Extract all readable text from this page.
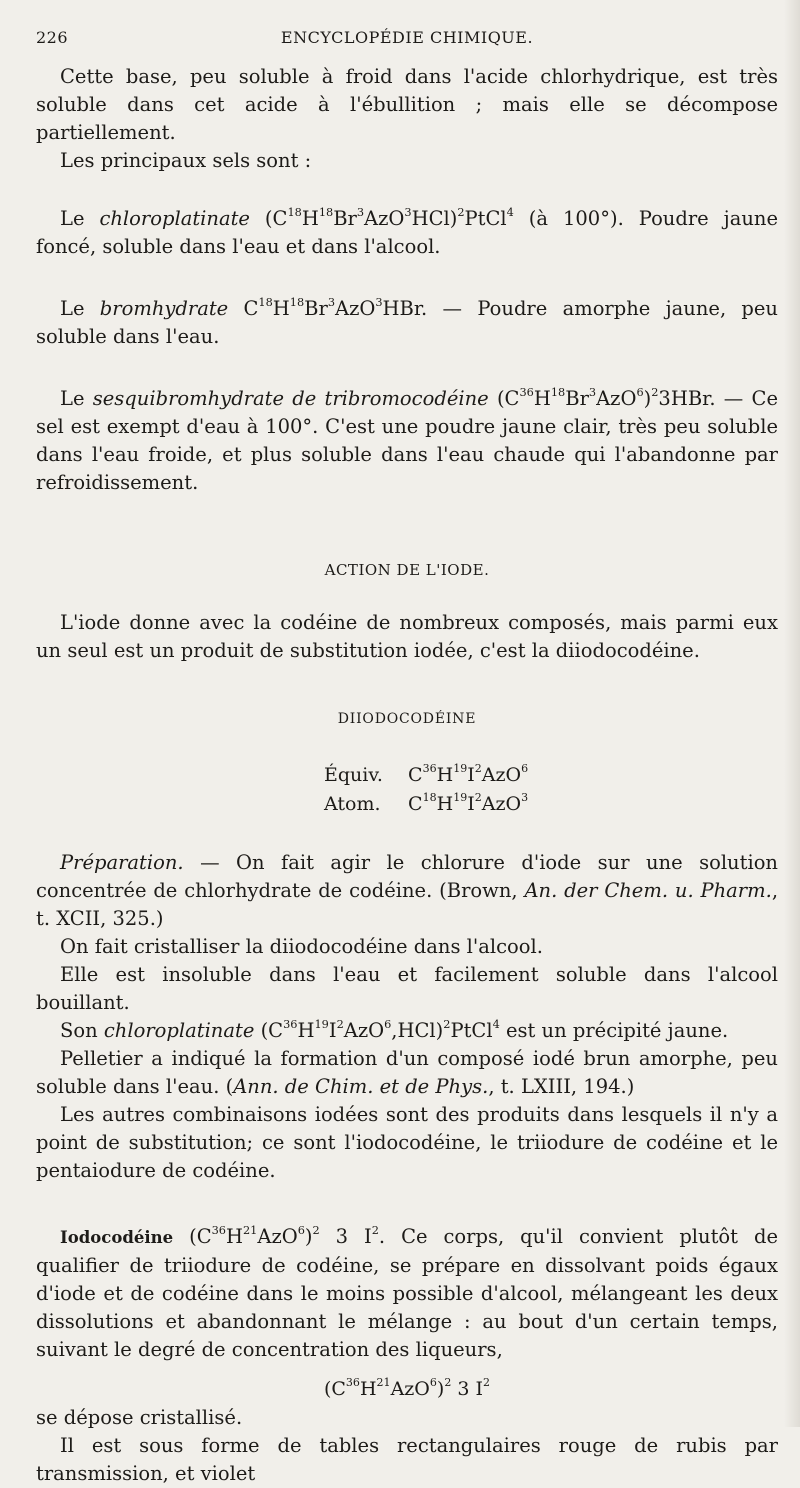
226	ENCYCLOPÉDIE CHIMIQUE.

Cette base, peu soluble à froid dans l'acide chlorhydrique, est très soluble dans cet acide à l'ébullition ; mais elle se décompose partiellement.

Les principaux sels sont :

Le chloroplatinate $(C^{18}H^{18}Br^3AzO^3HCl)^2PtCl^4$ (à 100°). Poudre jaune foncé, soluble dans l'eau et dans l'alcool.

Le bromhydrate $C^{18}H^{18}Br^3AzO^3HBr$. — Poudre amorphe jaune, peu soluble dans l'eau.

Le sesquibromhydrate de tribromocodéine $(C^{36}H^{18}Br^3AzO^6)^23HBr$. — Ce sel est exempt d'eau à 100°. C'est une poudre jaune clair, très peu soluble dans l'eau froide, et plus soluble dans l'eau chaude qui l'abandonne par refroidissement.

ACTION DE L'IODE.

L'iode donne avec la codéine de nombreux composés, mais parmi eux un seul est un produit de substitution iodée, c'est la diiodocodéine.

DIIODOCODÉINE
Équiv. $C^{36}H^{19}I^2AzO^6$
Atom. $C^{18}H^{19}I^2AzO^3$

Préparation. — On fait agir le chlorure d'iode sur une solution concentrée de chlorhydrate de codéine. (Brown, An. der Chem. u. Pharm., t. XCII, 325.)

On fait cristalliser la diiodocodéine dans l'alcool.

Elle est insoluble dans l'eau et facilement soluble dans l'alcool bouillant.

Son chloroplatinate $(C^{36}H^{19}I^2AzO^6,HCl)^2PtCl^4$ est un précipité jaune.

Pelletier a indiqué la formation d'un composé iodé brun amorphe, peu soluble dans l'eau. (Ann. de Chim. et de Phys., t. LXIII, 194.)

Les autres combinaisons iodées sont des produits dans lesquels il n'y a point de substitution; ce sont l'iodocodéine, le triiodure de codéine et le pentaiodure de codéine.

Iodocodéine $(C^{36}H^{21}AzO^6)^2$ 3 $I^2$. Ce corps, qu'il convient plutôt de qualifier de triiodure de codéine, se prépare en dissolvant poids égaux d'iode et de codéine dans le moins possible d'alcool, mélangeant les deux dissolutions et abandonnant le mélange : au bout d'un certain temps, suivant le degré de concentration des liqueurs,

$(C^{36}H^{21}AzO^6)^2$ 3 $I^2$

se dépose cristallisé.

Il est sous forme de tables rectangulaires rouge de rubis par transmission, et violet
